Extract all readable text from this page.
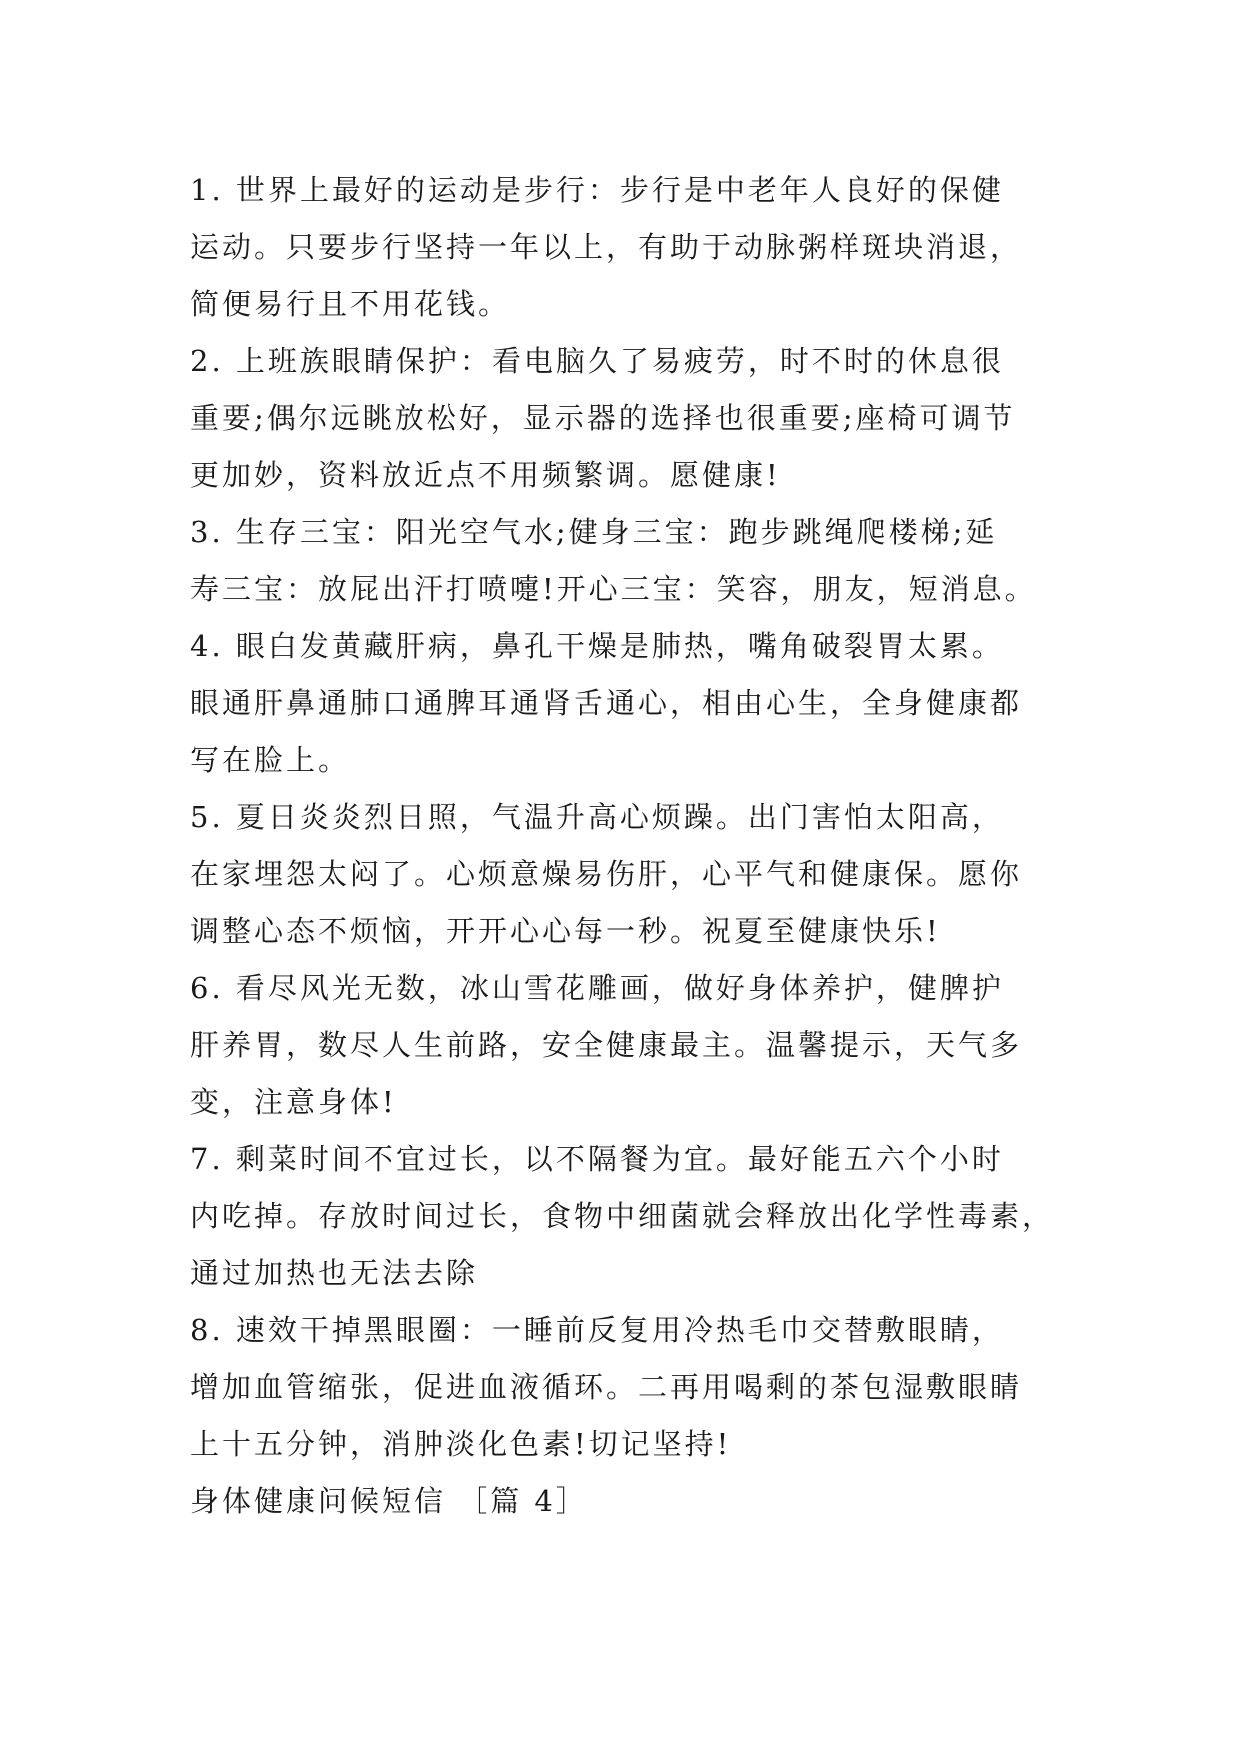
1. 世界上最好的运动是步行：步行是中老年人良好的保健
运动。只要步行坚持一年以上，有助于动脉粥样斑块消退，
简便易行且不用花钱。
2. 上班族眼睛保护：看电脑久了易疲劳，时不时的休息很
重要;偶尔远眺放松好，显示器的选择也很重要;座椅可调节
更加妙，资料放近点不用频繁调。愿健康!
3. 生存三宝：阳光空气水;健身三宝：跑步跳绳爬楼梯;延
寿三宝：放屁出汗打喷嚏!开心三宝：笑容，朋友，短消息。
4. 眼白发黄藏肝病，鼻孔干燥是肺热，嘴角破裂胃太累。
眼通肝鼻通肺口通脾耳通肾舌通心，相由心生，全身健康都
写在脸上。
5. 夏日炎炎烈日照，气温升高心烦躁。出门害怕太阳高，
在家埋怨太闷了。心烦意燥易伤肝，心平气和健康保。愿你
调整心态不烦恼，开开心心每一秒。祝夏至健康快乐!
6. 看尽风光无数，冰山雪花雕画，做好身体养护，健脾护
肝养胃，数尽人生前路，安全健康最主。温馨提示，天气多
变，注意身体!
7. 剩菜时间不宜过长，以不隔餐为宜。最好能五六个小时
内吃掉。存放时间过长，食物中细菌就会释放出化学性毒素，
通过加热也无法去除
8. 速效干掉黑眼圈：一睡前反复用冷热毛巾交替敷眼睛，
增加血管缩张，促进血液循环。二再用喝剩的茶包湿敷眼睛
上十五分钟，消肿淡化色素!切记坚持!
身体健康问候短信 ［篇 4］
